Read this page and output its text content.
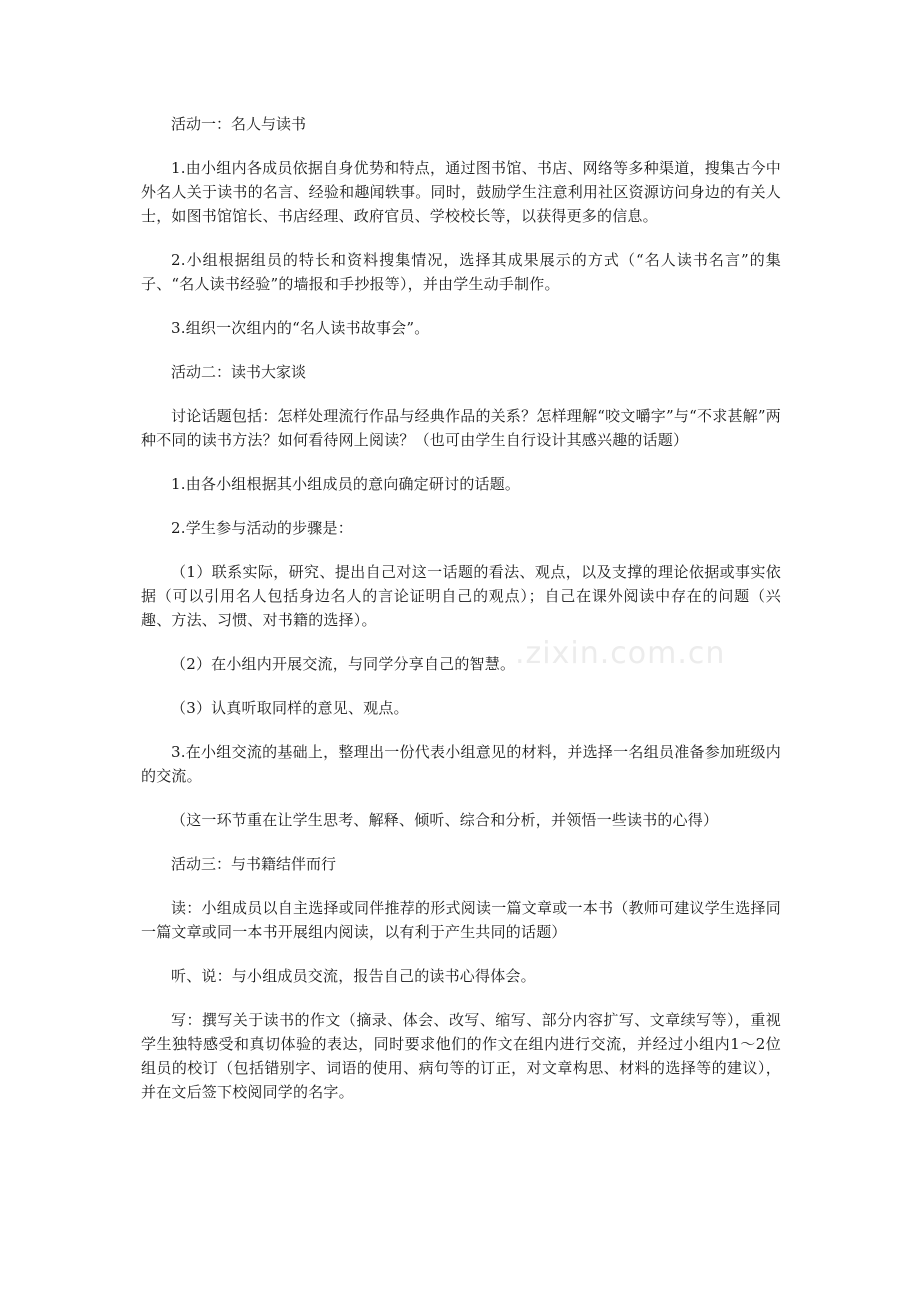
活动一：名人与读书

1.由小组内各成员依据自身优势和特点，通过图书馆、书店、网络等多种渠道，搜集古今中外名人关于读书的名言、经验和趣闻轶事。同时，鼓励学生注意利用社区资源访问身边的有关人士，如图书馆馆长、书店经理、政府官员、学校校长等，以获得更多的信息。

2.小组根据组员的特长和资料搜集情况，选择其成果展示的方式（“名人读书名言”的集子、“名人读书经验”的墙报和手抄报等），并由学生动手制作。

3.组织一次组内的“名人读书故事会”。

活动二：读书大家谈

讨论话题包括：怎样处理流行作品与经典作品的关系？怎样理解“咬文嚼字”与“不求甚解”两种不同的读书方法？如何看待网上阅读？（也可由学生自行设计其感兴趣的话题）

1.由各小组根据其小组成员的意向确定研讨的话题。

2.学生参与活动的步骤是：

（1）联系实际，研究、提出自己对这一话题的看法、观点，以及支撑的理论依据或事实依据（可以引用名人包括身边名人的言论证明自己的观点）；自己在课外阅读中存在的问题（兴趣、方法、习惯、对书籍的选择）。

（2）在小组内开展交流，与同学分享自己的智慧。

（3）认真听取同样的意见、观点。

3.在小组交流的基础上，整理出一份代表小组意见的材料，并选择一名组员准备参加班级内的交流。

（这一环节重在让学生思考、解释、倾听、综合和分析，并领悟一些读书的心得）

活动三：与书籍结伴而行

读：小组成员以自主选择或同伴推荐的形式阅读一篇文章或一本书（教师可建议学生选择同一篇文章或同一本书开展组内阅读，以有利于产生共同的话题）

听、说：与小组成员交流，报告自己的读书心得体会。

写：撰写关于读书的作文（摘录、体会、改写、缩写、部分内容扩写、文章续写等），重视学生独特感受和真切体验的表达，同时要求他们的作文在组内进行交流，并经过小组内1～2位组员的校订（包括错别字、词语的使用、病句等的订正，对文章构思、材料的选择等的建议），并在文后签下校阅同学的名字。

.zixin.com.cn
